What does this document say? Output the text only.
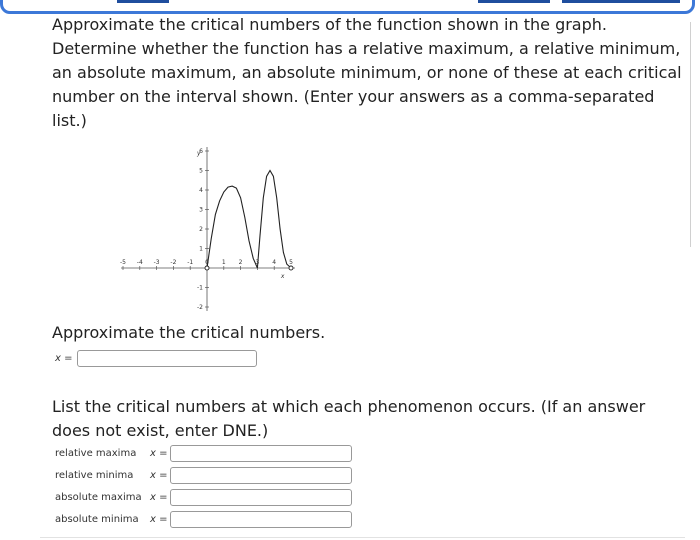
Approximate the critical numbers of the function shown in the graph. Determine whether the function has a relative maximum, a relative minimum, an absolute maximum, an absolute minimum, or none of these at each critical number on the interval shown. (Enter your answers as a comma-separated list.)
-5 -4 -3 -2 -1 0 1 2 3 4 5
-2
-1
1
2
3
4
5
6
y
x
Approximate the critical numbers.
x =
List the critical numbers at which each phenomenon occurs. (If an answer does not exist, enter DNE.)
relative maxima	x =
relative minima	x =
absolute maxima x =
absolute minima	x =
